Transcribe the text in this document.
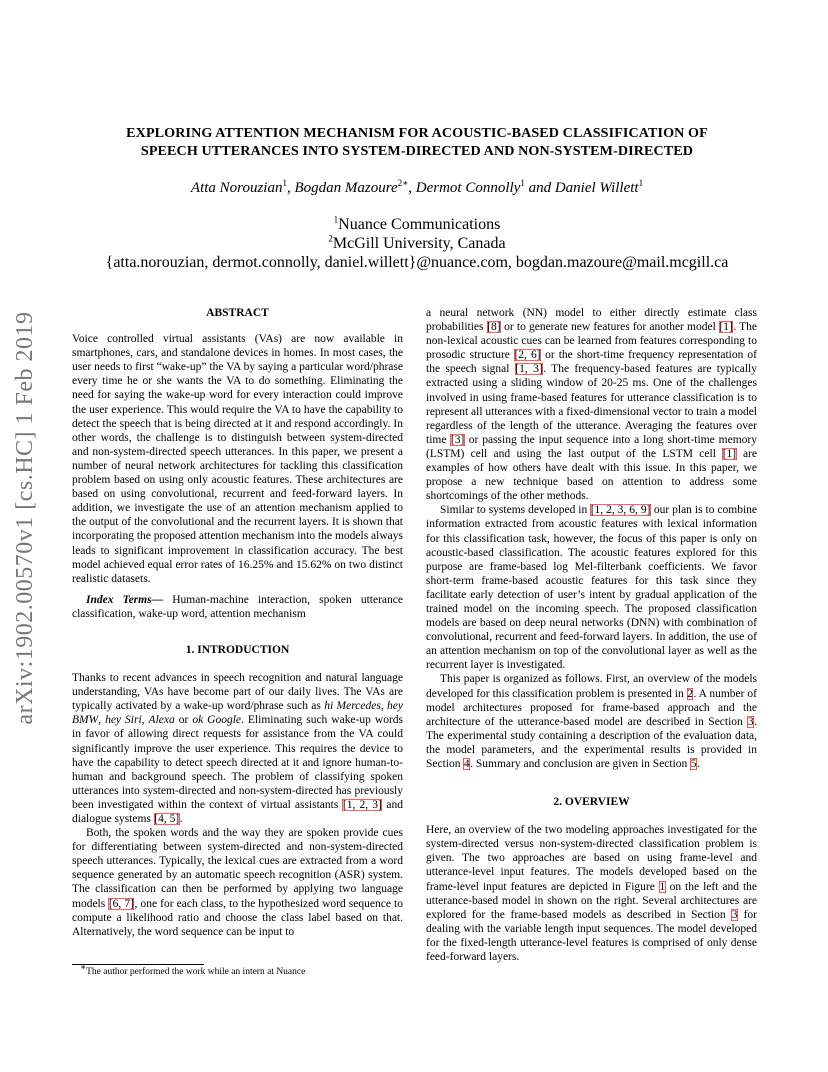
arXiv:1902.00570v1 [cs.HC] 1 Feb 2019
EXPLORING ATTENTION MECHANISM FOR ACOUSTIC-BASED CLASSIFICATION OF
SPEECH UTTERANCES INTO SYSTEM-DIRECTED AND NON-SYSTEM-DIRECTED
Atta Norouzian$^1$, Bogdan Mazoure$^{2∗}$, Dermot Connolly$^1$ and Daniel Willett$^1$
$^1$Nuance Communications
$^2$McGill University, Canada
{atta.norouzian, dermot.connolly, daniel.willett}@nuance.com, bogdan.mazoure@mail.mcgill.ca

ABSTRACT

Voice controlled virtual assistants (VAs) are now available in smartphones, cars, and standalone devices in homes. In most cases, the user needs to first “wake-up” the VA by saying a particular word/phrase every time he or she wants the VA to do something. Eliminating the need for saying the wake-up word for every interaction could improve the user experience. This would require the VA to have the capability to detect the speech that is being directed at it and respond accordingly. In other words, the challenge is to distinguish between system-directed and non-system-directed speech utterances. In this paper, we present a number of neural network architectures for tackling this classification problem based on using only acoustic features. These architectures are based on using convolutional, recurrent and feed-forward layers. In addition, we investigate the use of an attention mechanism applied to the output of the convolutional and the recurrent layers. It is shown that incorporating the proposed attention mechanism into the models always leads to significant improvement in classification accuracy. The best model achieved equal error rates of 16.25% and 15.62% on two distinct realistic datasets.

Index Terms— Human-machine interaction, spoken utterance classification, wake-up word, attention mechanism

1. INTRODUCTION

Thanks to recent advances in speech recognition and natural language understanding, VAs have become part of our daily lives. The VAs are typically activated by a wake-up word/phrase such as hi Mercedes, hey BMW, hey Siri, Alexa or ok Google. Eliminating such wake-up words in favor of allowing direct requests for assistance from the VA could significantly improve the user experience. This requires the device to have the capability to detect speech directed at it and ignore human-to-human and background speech. The problem of classifying spoken utterances into system-directed and non-system-directed has previously been investigated within the context of virtual assistants [1, 2, 3] and dialogue systems [4, 5].

Both, the spoken words and the way they are spoken provide cues for differentiating between system-directed and non-system-directed speech utterances. Typically, the lexical cues are extracted from a word sequence generated by an automatic speech recognition (ASR) system. The classification can then be performed by applying two language models [6, 7], one for each class, to the hypothesized word sequence to compute a likelihood ratio and choose the class label based on that. Alternatively, the word sequence can be input to

a neural network (NN) model to either directly estimate class probabilities [8] or to generate new features for another model [1]. The non-lexical acoustic cues can be learned from features corresponding to prosodic structure [2, 6] or the short-time frequency representation of the speech signal [1, 3]. The frequency-based features are typically extracted using a sliding window of 20-25 ms. One of the challenges involved in using frame-based features for utterance classification is to represent all utterances with a fixed-dimensional vector to train a model regardless of the length of the utterance. Averaging the features over time [3] or passing the input sequence into a long short-time memory (LSTM) cell and using the last output of the LSTM cell [1] are examples of how others have dealt with this issue. In this paper, we propose a new technique based on attention to address some shortcomings of the other methods.

Similar to systems developed in [1, 2, 3, 6, 9] our plan is to combine information extracted from acoustic features with lexical information for this classification task, however, the focus of this paper is only on acoustic-based classification. The acoustic features explored for this purpose are frame-based log Mel-filterbank coefficients. We favor short-term frame-based acoustic features for this task since they facilitate early detection of user’s intent by gradual application of the trained model on the incoming speech. The proposed classification models are based on deep neural networks (DNN) with combination of convolutional, recurrent and feed-forward layers. In addition, the use of an attention mechanism on top of the convolutional layer as well as the recurrent layer is investigated.

This paper is organized as follows. First, an overview of the models developed for this classification problem is presented in 2. A number of model architectures proposed for frame-based approach and the architecture of the utterance-based model are described in Section 3. The experimental study containing a description of the evaluation data, the model parameters, and the experimental results is provided in Section 4. Summary and conclusion are given in Section 5.

2. OVERVIEW

Here, an overview of the two modeling approaches investigated for the system-directed versus non-system-directed classification problem is given. The two approaches are based on using frame-level and utterance-level input features. The models developed based on the frame-level input features are depicted in Figure 1 on the left and the utterance-based model in shown on the right. Several architectures are explored for the frame-based models as described in Section 3 for dealing with the variable length input sequences. The model developed for the fixed-length utterance-level features is comprised of only dense feed-forward layers.

∗The author performed the work while an intern at Nuance
